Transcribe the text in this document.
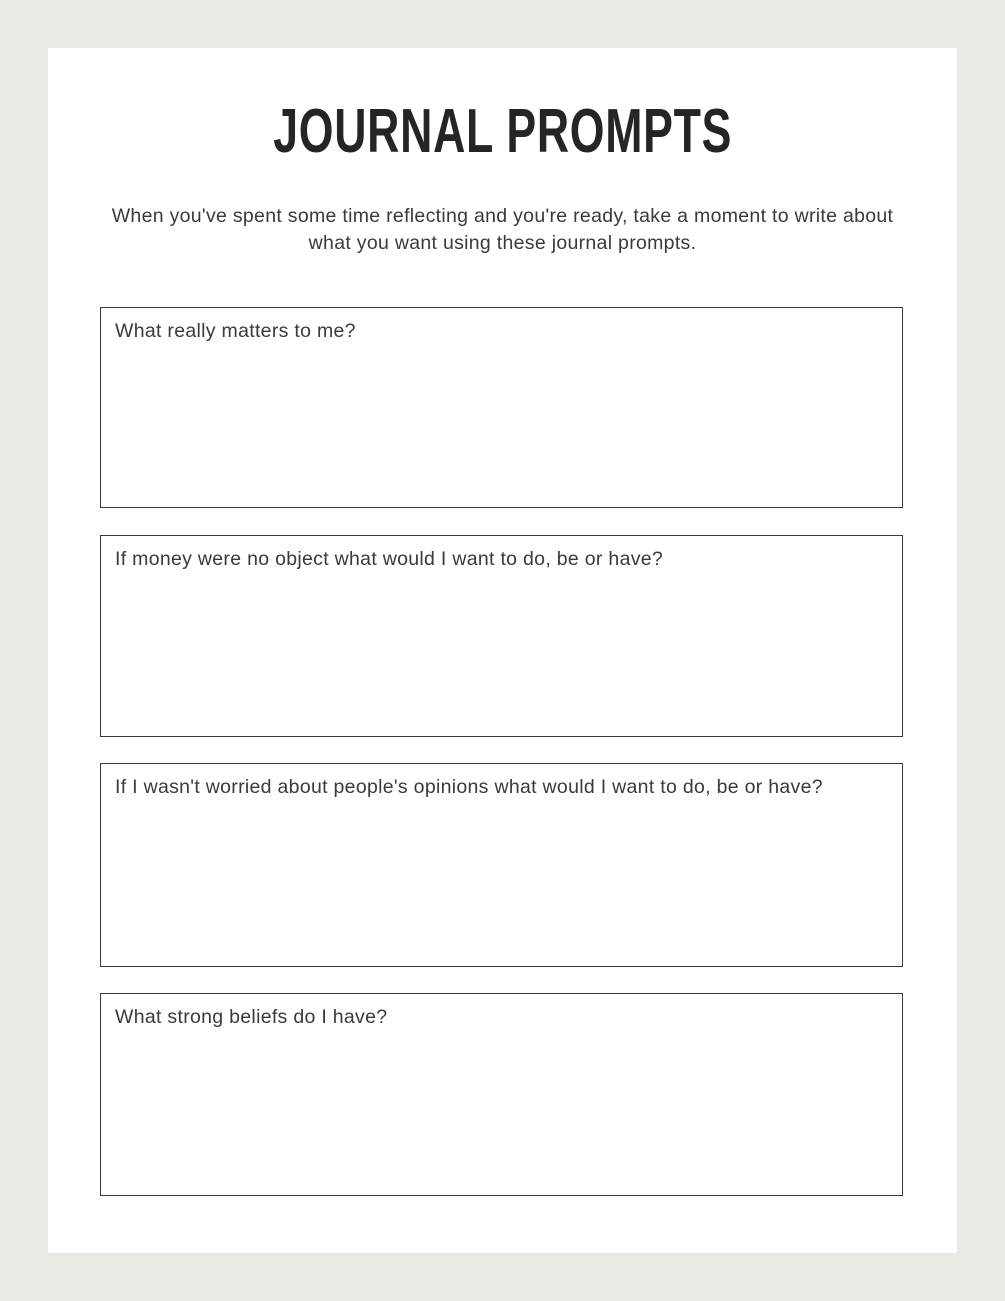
JOURNAL PROMPTS

When you've spent some time reflecting and you're ready, take a moment to write about what you want using these journal prompts.

What really matters to me?
If money were no object what would I want to do, be or have?
If I wasn't worried about people's opinions what would I want to do, be or have?
What strong beliefs do I have?
